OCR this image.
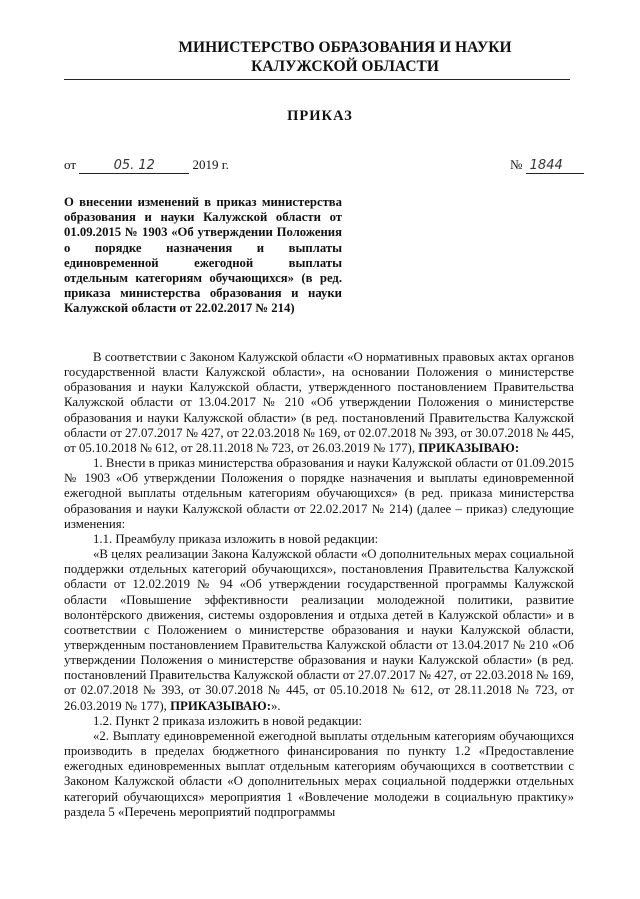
МИНИСТЕРСТВО ОБРАЗОВАНИЯ И НАУКИ
КАЛУЖСКОЙ ОБЛАСТИ
ПРИКАЗ
от	05. 12	2019 г.	№ 1844
О внесении изменений в приказ министерства образования и науки Калужской области от 01.09.2015 № 1903 «Об утверждении Положения о порядке назначения и выплаты единовременной ежегодной выплаты отдельным категориям обучающихся» (в ред. приказа министерства образования и науки Калужской области от 22.02.2017 № 214)

В соответствии с Законом Калужской области «О нормативных правовых актах органов государственной власти Калужской области», на основании Положения о министерстве образования и науки Калужской области, утвержденного постановлением Правительства Калужской области от 13.04.2017 № 210 «Об утверждении Положения о министерстве образования и науки Калужской области» (в ред. постановлений Правительства Калужской области от 27.07.2017 № 427, от 22.03.2018 № 169, от 02.07.2018 № 393, от 30.07.2018 № 445, от 05.10.2018 № 612, от 28.11.2018 № 723, от 26.03.2019 № 177), ПРИКАЗЫВАЮ:

1. Внести в приказ министерства образования и науки Калужской области от 01.09.2015 № 1903 «Об утверждении Положения о порядке назначения и выплаты единовременной ежегодной выплаты отдельным категориям обучающихся» (в ред. приказа министерства образования и науки Калужской области от 22.02.2017 № 214) (далее – приказ) следующие изменения:

1.1. Преамбулу приказа изложить в новой редакции:

«В целях реализации Закона Калужской области «О дополнительных мерах социальной поддержки отдельных категорий обучающихся», постановления Правительства Калужской области от 12.02.2019 № 94 «Об утверждении государственной программы Калужской области «Повышение эффективности реализации молодежной политики, развитие волонтёрского движения, системы оздоровления и отдыха детей в Калужской области» и в соответствии с Положением о министерстве образования и науки Калужской области, утвержденным постановлением Правительства Калужской области от 13.04.2017 № 210 «Об утверждении Положения о министерстве образования и науки Калужской области» (в ред. постановлений Правительства Калужской области от 27.07.2017 № 427, от 22.03.2018 № 169, от 02.07.2018 № 393, от 30.07.2018 № 445, от 05.10.2018 № 612, от 28.11.2018 № 723, от 26.03.2019 № 177), ПРИКАЗЫВАЮ:».

1.2. Пункт 2 приказа изложить в новой редакции:

«2. Выплату единовременной ежегодной выплаты отдельным категориям обучающихся производить в пределах бюджетного финансирования по пункту 1.2 «Предоставление ежегодных единовременных выплат отдельным категориям обучающихся в соответствии с Законом Калужской области «О дополнительных мерах социальной поддержки отдельных категорий обучающихся» мероприятия 1 «Вовлечение молодежи в социальную практику» раздела 5 «Перечень мероприятий подпрограммы
